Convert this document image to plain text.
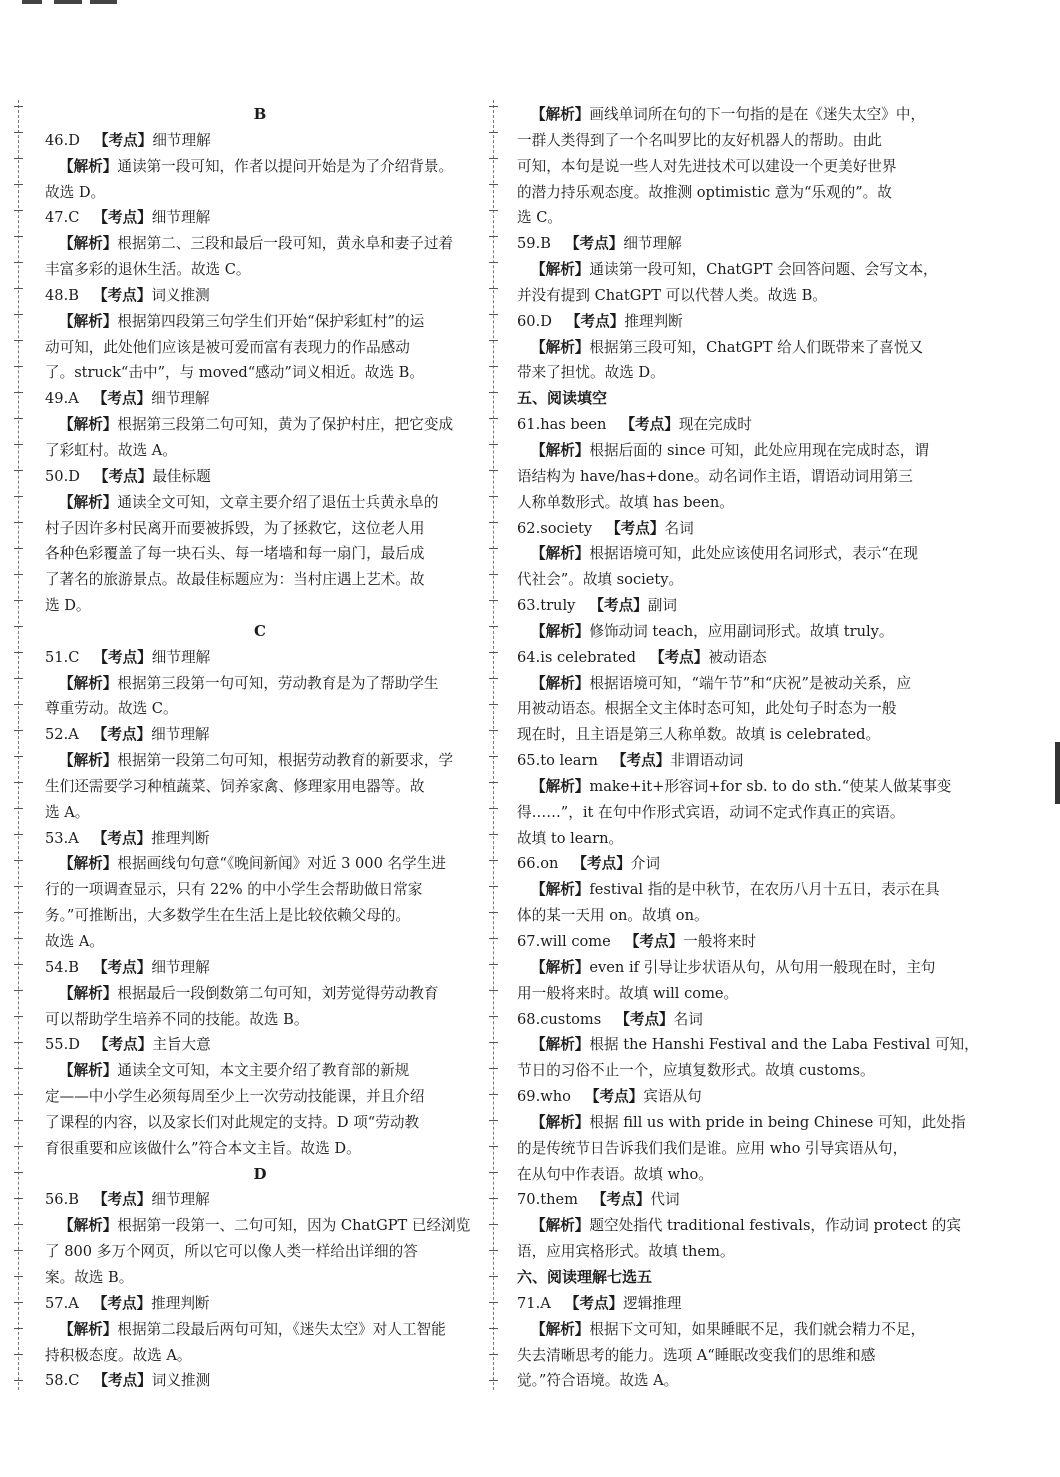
B
46.D 【考点】细节理解
【解析】通读第一段可知，作者以提问开始是为了介绍背景。
故选 D。
47.C 【考点】细节理解
【解析】根据第二、三段和最后一段可知，黄永阜和妻子过着
丰富多彩的退休生活。故选 C。
48.B 【考点】词义推测
【解析】根据第四段第三句学生们开始“保护彩虹村”的运
动可知，此处他们应该是被可爱而富有表现力的作品感动
了。struck“击中”，与 moved“感动”词义相近。故选 B。
49.A 【考点】细节理解
【解析】根据第三段第二句可知，黄为了保护村庄，把它变成
了彩虹村。故选 A。
50.D 【考点】最佳标题
【解析】通读全文可知，文章主要介绍了退伍士兵黄永阜的
村子因许多村民离开而要被拆毁，为了拯救它，这位老人用
各种色彩覆盖了每一块石头、每一堵墙和每一扇门，最后成
了著名的旅游景点。故最佳标题应为：当村庄遇上艺术。故
选 D。
C
51.C 【考点】细节理解
【解析】根据第三段第一句可知，劳动教育是为了帮助学生
尊重劳动。故选 C。
52.A 【考点】细节理解
【解析】根据第一段第二句可知，根据劳动教育的新要求，学
生们还需要学习种植蔬菜、饲养家禽、修理家用电器等。故
选 A。
53.A 【考点】推理判断
【解析】根据画线句句意“《晚间新闻》对近 3 000 名学生进
行的一项调查显示，只有 22% 的中小学生会帮助做日常家
务。”可推断出，大多数学生在生活上是比较依赖父母的。
故选 A。
54.B 【考点】细节理解
【解析】根据最后一段倒数第二句可知，刘芳觉得劳动教育
可以帮助学生培养不同的技能。故选 B。
55.D 【考点】主旨大意
【解析】通读全文可知，本文主要介绍了教育部的新规
定——中小学生必须每周至少上一次劳动技能课，并且介绍
了课程的内容，以及家长们对此规定的支持。D 项“劳动教
育很重要和应该做什么”符合本文主旨。故选 D。
D
56.B 【考点】细节理解
【解析】根据第一段第一、二句可知，因为 ChatGPT 已经浏览
了 800 多万个网页，所以它可以像人类一样给出详细的答
案。故选 B。
57.A 【考点】推理判断
【解析】根据第二段最后两句可知，《迷失太空》对人工智能
持积极态度。故选 A。
58.C 【考点】词义推测
【解析】画线单词所在句的下一句指的是在《迷失太空》中，
一群人类得到了一个名叫罗比的友好机器人的帮助。由此
可知，本句是说一些人对先进技术可以建设一个更美好世界
的潜力持乐观态度。故推测 optimistic 意为“乐观的”。故
选 C。
59.B 【考点】细节理解
【解析】通读第一段可知，ChatGPT 会回答问题、会写文本，
并没有提到 ChatGPT 可以代替人类。故选 B。
60.D 【考点】推理判断
【解析】根据第三段可知，ChatGPT 给人们既带来了喜悦又
带来了担忧。故选 D。
五、阅读填空
61.has been 【考点】现在完成时
【解析】根据后面的 since 可知，此处应用现在完成时态，谓
语结构为 have/has+done。动名词作主语，谓语动词用第三
人称单数形式。故填 has been。
62.society 【考点】名词
【解析】根据语境可知，此处应该使用名词形式，表示“在现
代社会”。故填 society。
63.truly 【考点】副词
【解析】修饰动词 teach，应用副词形式。故填 truly。
64.is celebrated 【考点】被动语态
【解析】根据语境可知，“端午节”和“庆祝”是被动关系，应
用被动语态。根据全文主体时态可知，此处句子时态为一般
现在时，且主语是第三人称单数。故填 is celebrated。
65.to learn 【考点】非谓语动词
【解析】make+it+形容词+for sb. to do sth.“使某人做某事变
得……”，it 在句中作形式宾语，动词不定式作真正的宾语。
故填 to learn。
66.on 【考点】介词
【解析】festival 指的是中秋节，在农历八月十五日，表示在具
体的某一天用 on。故填 on。
67.will come 【考点】一般将来时
【解析】even if 引导让步状语从句，从句用一般现在时，主句
用一般将来时。故填 will come。
68.customs 【考点】名词
【解析】根据 the Hanshi Festival and the Laba Festival 可知，
节日的习俗不止一个，应填复数形式。故填 customs。
69.who 【考点】宾语从句
【解析】根据 fill us with pride in being Chinese 可知，此处指
的是传统节日告诉我们我们是谁。应用 who 引导宾语从句，
在从句中作表语。故填 who。
70.them 【考点】代词
【解析】题空处指代 traditional festivals，作动词 protect 的宾
语，应用宾格形式。故填 them。
六、阅读理解七选五
71.A 【考点】逻辑推理
【解析】根据下文可知，如果睡眠不足，我们就会精力不足，
失去清晰思考的能力。选项 A“睡眠改变我们的思维和感
觉。”符合语境。故选 A。
